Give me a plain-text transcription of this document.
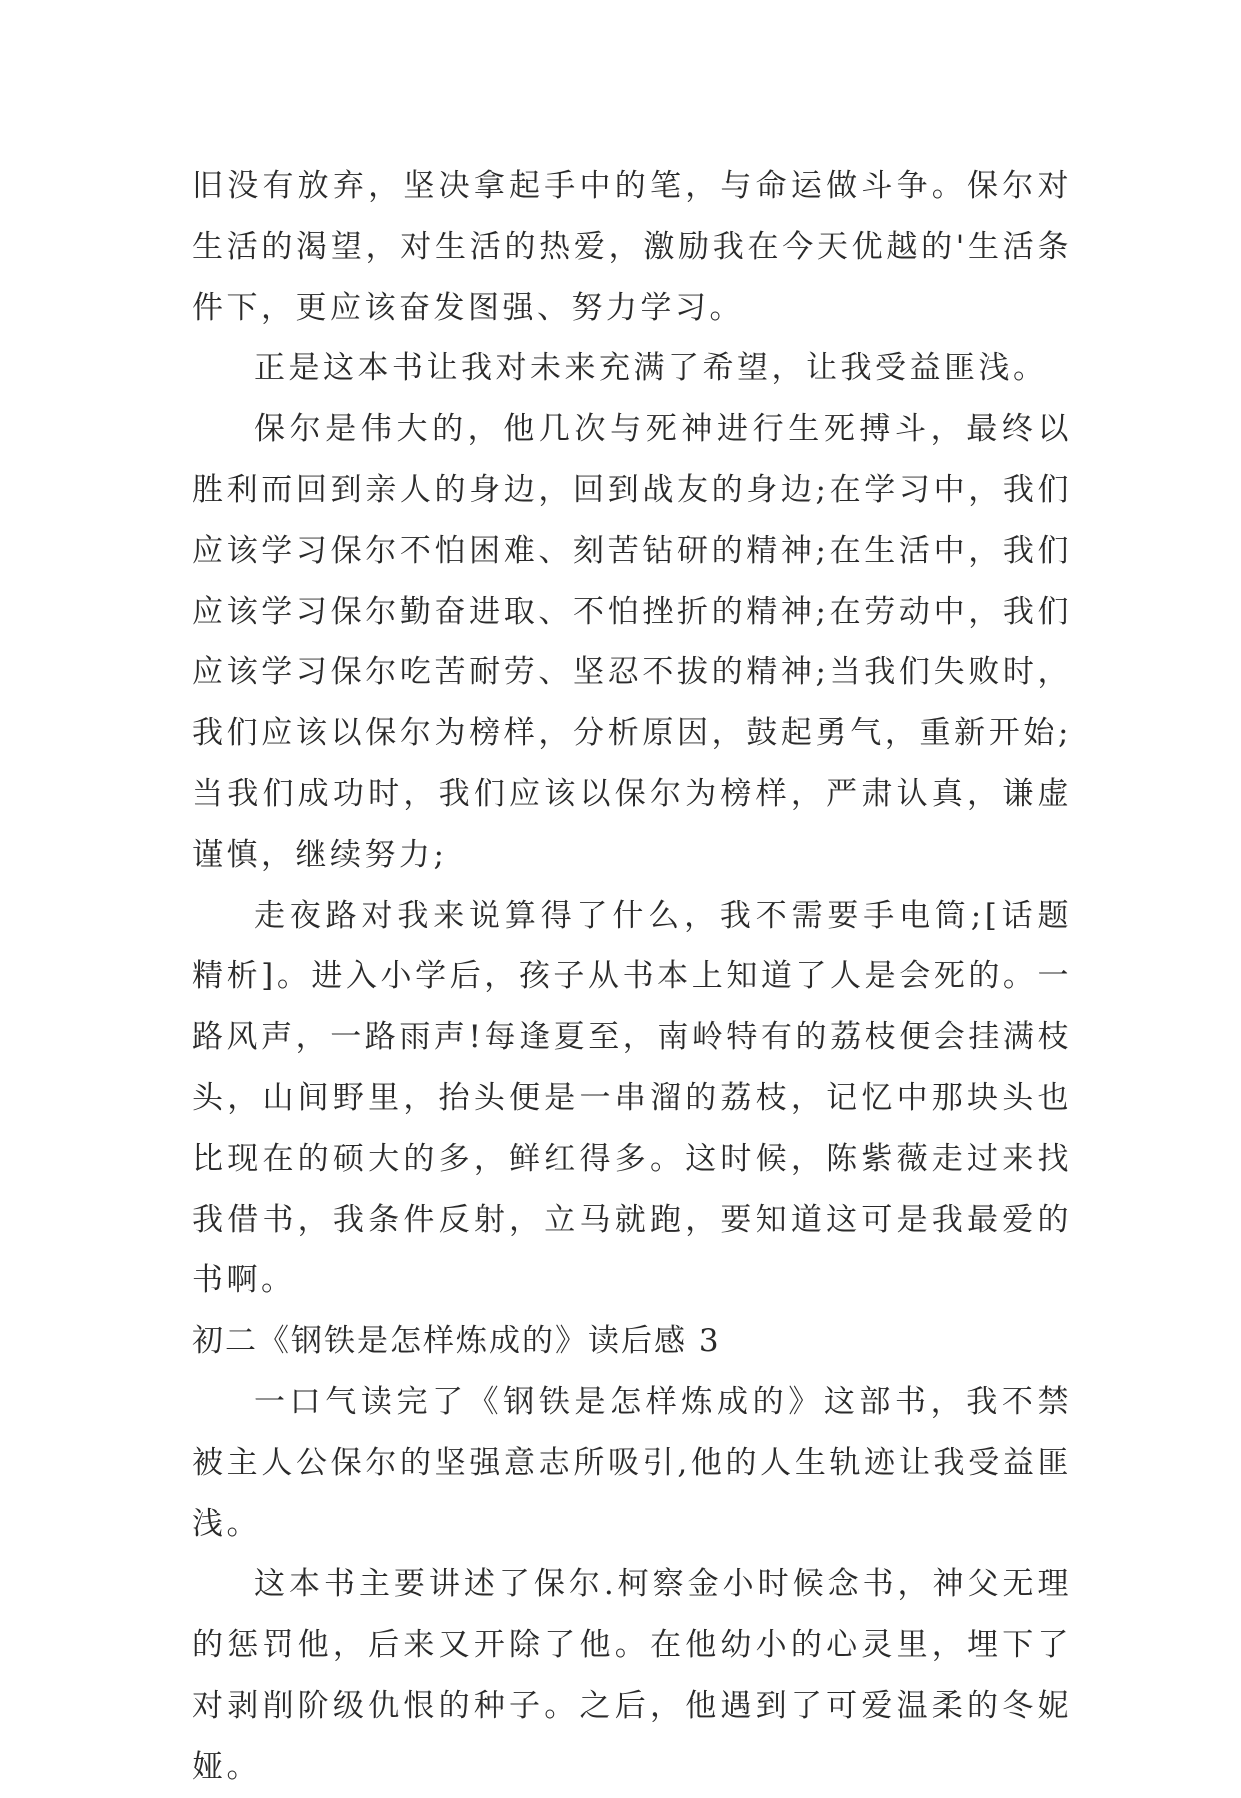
旧没有放弃，坚决拿起手中的笔，与命运做斗争。保尔对生活的渴望，对生活的热爱，激励我在今天优越的'生活条件下，更应该奋发图强、努力学习。

正是这本书让我对未来充满了希望，让我受益匪浅。

保尔是伟大的，他几次与死神进行生死搏斗，最终以胜利而回到亲人的身边，回到战友的身边;在学习中，我们应该学习保尔不怕困难、刻苦钻研的精神;在生活中，我们应该学习保尔勤奋进取、不怕挫折的精神;在劳动中，我们应该学习保尔吃苦耐劳、坚忍不拔的精神;当我们失败时，我们应该以保尔为榜样，分析原因，鼓起勇气，重新开始;当我们成功时，我们应该以保尔为榜样，严肃认真，谦虚谨慎，继续努力;

走夜路对我来说算得了什么，我不需要手电筒;[话题精析]。进入小学后，孩子从书本上知道了人是会死的。一路风声，一路雨声!每逢夏至，南岭特有的荔枝便会挂满枝头，山间野里，抬头便是一串溜的荔枝，记忆中那块头也比现在的硕大的多，鲜红得多。这时候，陈紫薇走过来找我借书，我条件反射，立马就跑，要知道这可是我最爱的书啊。

初二《钢铁是怎样炼成的》读后感 3

一口气读完了《钢铁是怎样炼成的》这部书，我不禁被主人公保尔的坚强意志所吸引,他的人生轨迹让我受益匪浅。

这本书主要讲述了保尔.柯察金小时候念书，神父无理的惩罚他，后来又开除了他。在他幼小的心灵里，埋下了对剥削阶级仇恨的种子。之后，他遇到了可爱温柔的冬妮娅。
